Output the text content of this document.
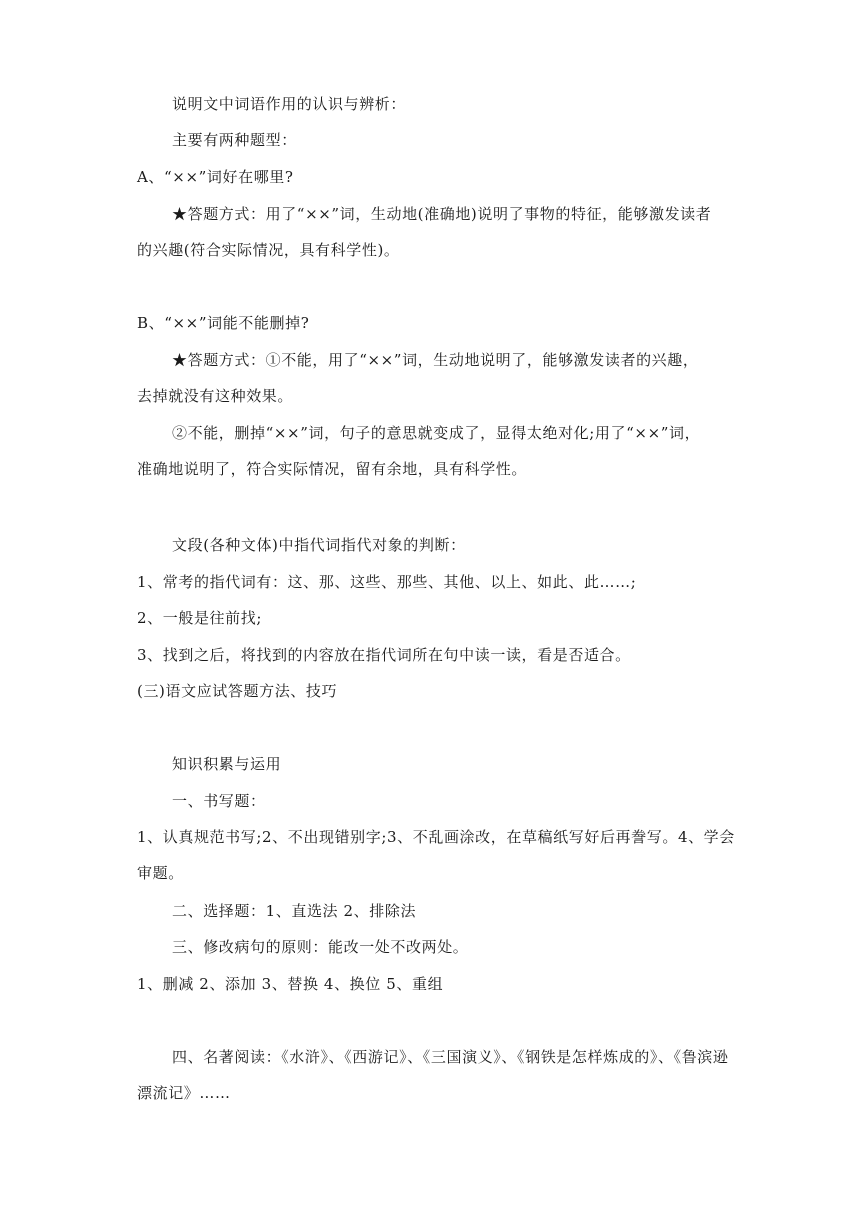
说明文中词语作用的认识与辨析：

主要有两种题型：

A、“××”词好在哪里?

★答题方式：用了“××”词，生动地(准确地)说明了事物的特征，能够激发读者
的兴趣(符合实际情况，具有科学性)。

B、“××”词能不能删掉?

★答题方式：①不能，用了“××”词，生动地说明了，能够激发读者的兴趣，
去掉就没有这种效果。
②不能，删掉“××”词，句子的意思就变成了，显得太绝对化;用了“××”词，
准确地说明了，符合实际情况，留有余地，具有科学性。

文段(各种文体)中指代词指代对象的判断：

1、常考的指代词有：这、那、这些、那些、其他、以上、如此、此……;

2、一般是往前找;

3、找到之后，将找到的内容放在指代词所在句中读一读，看是否适合。

(三)语文应试答题方法、技巧

知识积累与运用

一、书写题：

1、认真规范书写;2、不出现错别字;3、不乱画涂改，在草稿纸写好后再誊写。4、学会
审题。

二、选择题：1、直选法 2、排除法

三、修改病句的原则：能改一处不改两处。

1、删减 2、添加 3、替换 4、换位 5、重组

四、名著阅读：《水浒》、《西游记》、《三国演义》、《钢铁是怎样炼成的》、《鲁滨逊
漂流记》……
